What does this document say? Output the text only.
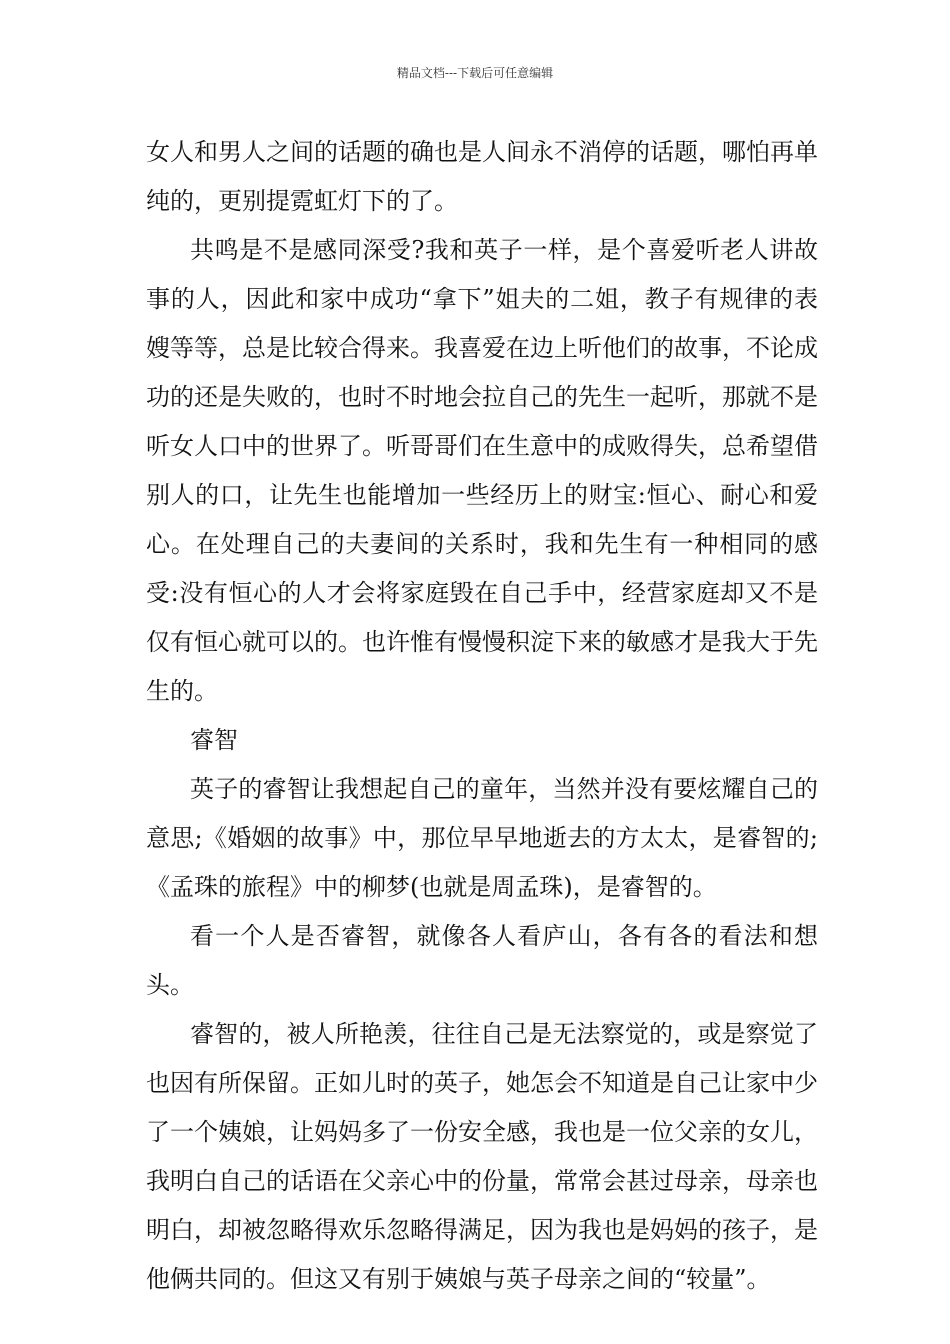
精品文档---下载后可任意编辑

女人和男人之间的话题的确也是人间永不消停的话题，哪怕再单纯的，更别提霓虹灯下的了。

共鸣是不是感同深受?我和英子一样，是个喜爱听老人讲故事的人，因此和家中成功“拿下”姐夫的二姐，教子有规律的表嫂等等，总是比较合得来。我喜爱在边上听他们的故事，不论成功的还是失败的，也时不时地会拉自己的先生一起听，那就不是听女人口中的世界了。听哥哥们在生意中的成败得失，总希望借别人的口，让先生也能增加一些经历上的财宝:恒心、耐心和爱心。在处理自己的夫妻间的关系时，我和先生有一种相同的感受:没有恒心的人才会将家庭毁在自己手中，经营家庭却又不是仅有恒心就可以的。也许惟有慢慢积淀下来的敏感才是我大于先生的。

睿智

英子的睿智让我想起自己的童年，当然并没有要炫耀自己的意思;《婚姻的故事》中，那位早早地逝去的方太太，是睿智的;《孟珠的旅程》中的柳梦(也就是周孟珠)，是睿智的。

看一个人是否睿智，就像各人看庐山，各有各的看法和想头。

睿智的，被人所艳羡，往往自己是无法察觉的，或是察觉了也因有所保留。正如儿时的英子，她怎会不知道是自己让家中少了一个姨娘，让妈妈多了一份安全感，我也是一位父亲的女儿，我明白自己的话语在父亲心中的份量，常常会甚过母亲，母亲也明白，却被忽略得欢乐忽略得满足，因为我也是妈妈的孩子，是他俩共同的。但这又有别于姨娘与英子母亲之间的“较量”。
